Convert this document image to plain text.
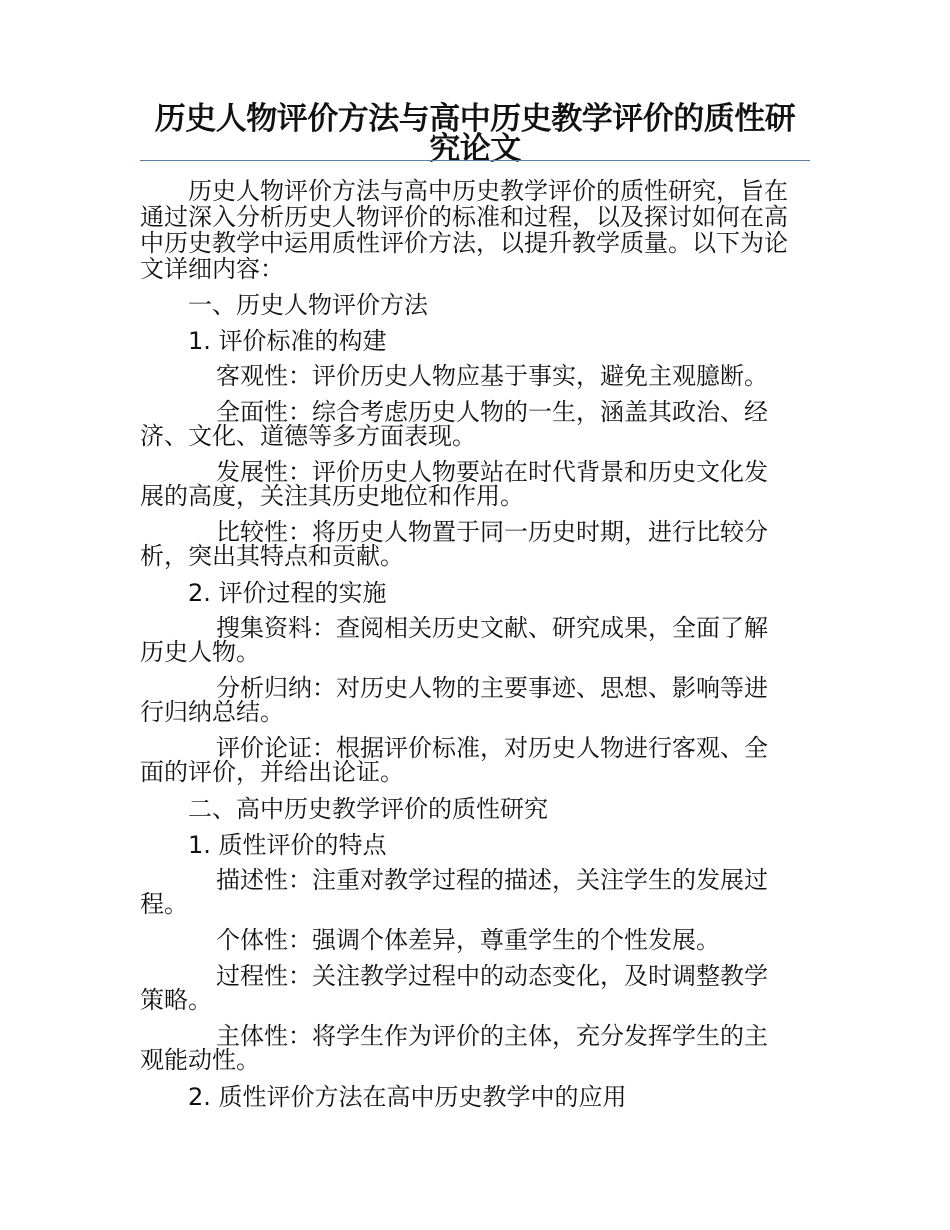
历史人物评价方法与高中历史教学评价的质性研究论文

历史人物评价方法与高中历史教学评价的质性研究，旨在通过深入分析历史人物评价的标准和过程，以及探讨如何在高中历史教学中运用质性评价方法，以提升教学质量。以下为论文详细内容：

一、历史人物评价方法

1. 评价标准的构建

客观性：评价历史人物应基于事实，避免主观臆断。

全面性：综合考虑历史人物的一生，涵盖其政治、经济、文化、道德等多方面表现。

发展性：评价历史人物要站在时代背景和历史文化发展的高度，关注其历史地位和作用。

比较性：将历史人物置于同一历史时期，进行比较分析，突出其特点和贡献。

2. 评价过程的实施

搜集资料：查阅相关历史文献、研究成果，全面了解历史人物。

分析归纳：对历史人物的主要事迹、思想、影响等进行归纳总结。

评价论证：根据评价标准，对历史人物进行客观、全面的评价，并给出论证。

二、高中历史教学评价的质性研究

1. 质性评价的特点

描述性：注重对教学过程的描述，关注学生的发展过程。

个体性：强调个体差异，尊重学生的个性发展。

过程性：关注教学过程中的动态变化，及时调整教学策略。

主体性：将学生作为评价的主体，充分发挥学生的主观能动性。

2. 质性评价方法在高中历史教学中的应用
